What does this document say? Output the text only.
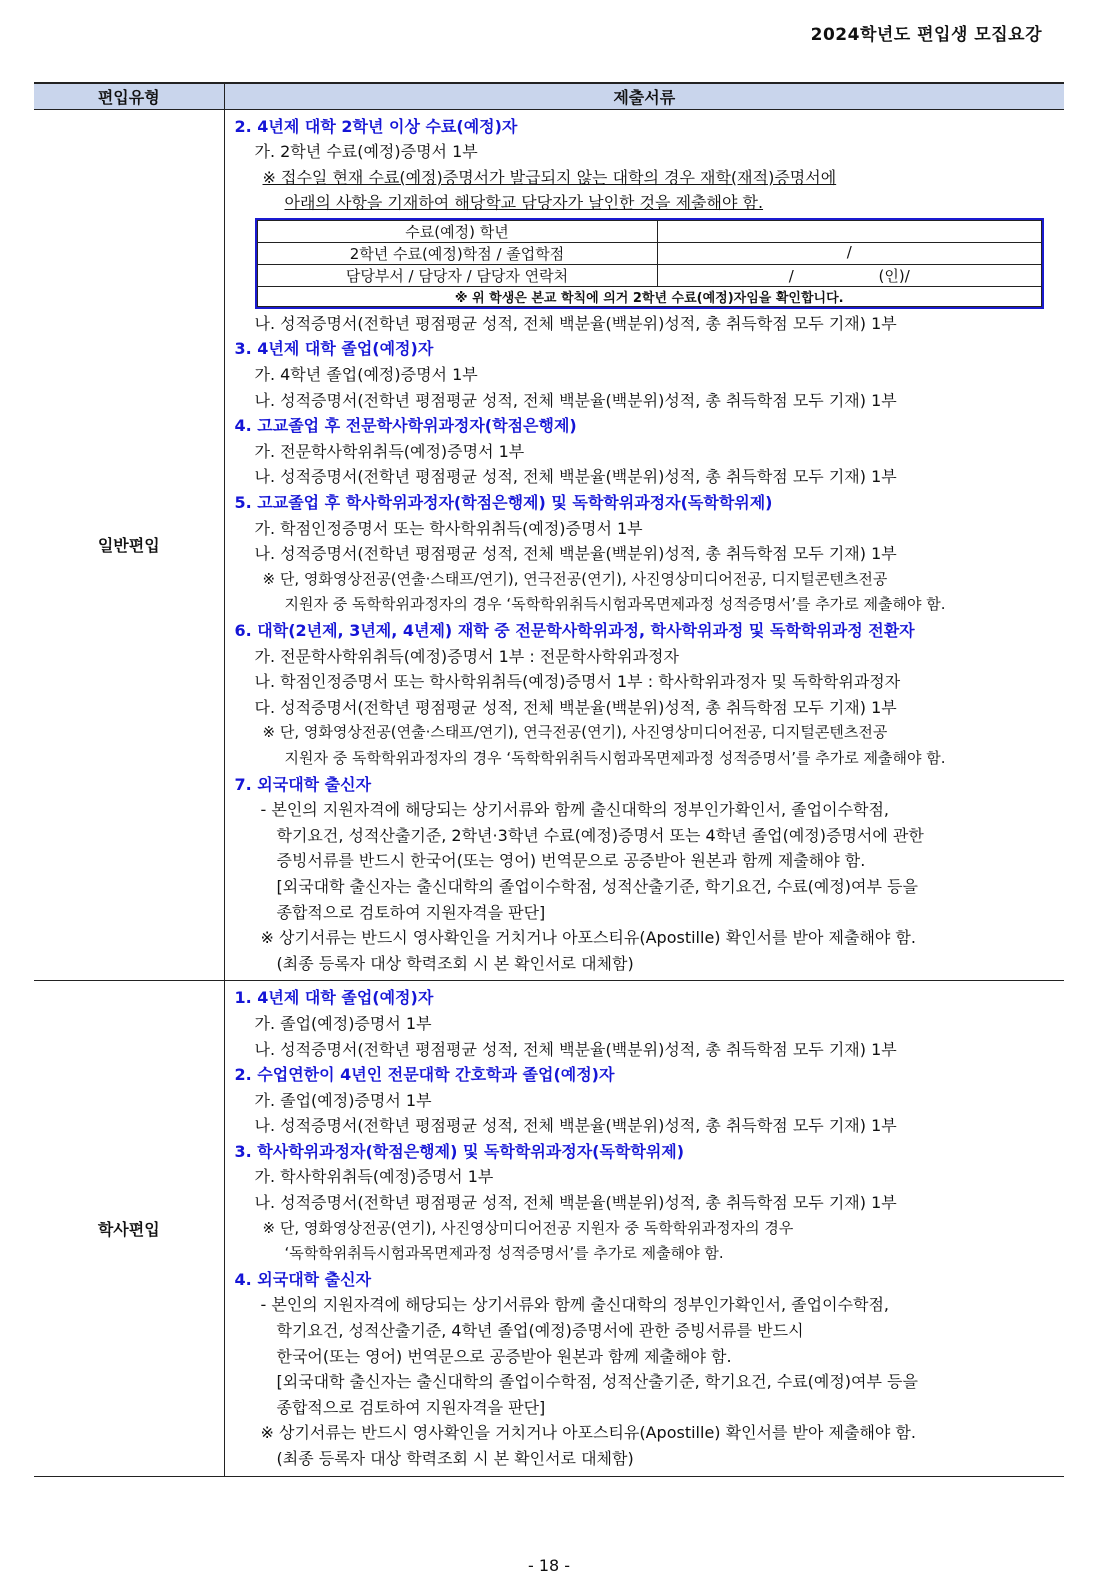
2024학년도 편입생 모집요강
편입유형	제출서류
일반편입	
2. 4년제 대학 2학년 이상 수료(예정)자
가. 2학년 수료(예정)증명서 1부
※ 접수일 현재 수료(예정)증명서가 발급되지 않는 대학의 경우 재학(재적)증명서에
아래의 사항을 기재하여 해당학교 담당자가 날인한 것을 제출해야 함.
수료(예정) 학년	
2학년 수료(예정)학점 / 졸업학점	/
담당부서 / 담당자 / 담당자 연락처	/ (인)/
※ 위 학생은 본교 학칙에 의거 2학년 수료(예정)자임을 확인합니다.
나. 성적증명서(전학년 평점평균 성적, 전체 백분율(백분위)성적, 총 취득학점 모두 기재) 1부
3. 4년제 대학 졸업(예정)자
가. 4학년 졸업(예정)증명서 1부
나. 성적증명서(전학년 평점평균 성적, 전체 백분율(백분위)성적, 총 취득학점 모두 기재) 1부
4. 고교졸업 후 전문학사학위과정자(학점은행제)
가. 전문학사학위취득(예정)증명서 1부
나. 성적증명서(전학년 평점평균 성적, 전체 백분율(백분위)성적, 총 취득학점 모두 기재) 1부
5. 고교졸업 후 학사학위과정자(학점은행제) 및 독학학위과정자(독학학위제)
가. 학점인정증명서 또는 학사학위취득(예정)증명서 1부
나. 성적증명서(전학년 평점평균 성적, 전체 백분율(백분위)성적, 총 취득학점 모두 기재) 1부
※ 단, 영화영상전공(연출·스태프/연기), 연극전공(연기), 사진영상미디어전공, 디지털콘텐츠전공
지원자 중 독학학위과정자의 경우 ‘독학학위취득시험과목면제과정 성적증명서’를 추가로 제출해야 함.
6. 대학(2년제, 3년제, 4년제) 재학 중 전문학사학위과정, 학사학위과정 및 독학학위과정 전환자
가. 전문학사학위취득(예정)증명서 1부 : 전문학사학위과정자
나. 학점인정증명서 또는 학사학위취득(예정)증명서 1부 : 학사학위과정자 및 독학학위과정자
다. 성적증명서(전학년 평점평균 성적, 전체 백분율(백분위)성적, 총 취득학점 모두 기재) 1부
※ 단, 영화영상전공(연출·스태프/연기), 연극전공(연기), 사진영상미디어전공, 디지털콘텐츠전공
지원자 중 독학학위과정자의 경우 ‘독학학위취득시험과목면제과정 성적증명서’를 추가로 제출해야 함.
7. 외국대학 출신자
- 본인의 지원자격에 해당되는 상기서류와 함께 출신대학의 정부인가확인서, 졸업이수학점,
학기요건, 성적산출기준, 2학년·3학년 수료(예정)증명서 또는 4학년 졸업(예정)증명서에 관한
증빙서류를 반드시 한국어(또는 영어) 번역문으로 공증받아 원본과 함께 제출해야 함.
[외국대학 출신자는 출신대학의 졸업이수학점, 성적산출기준, 학기요건, 수료(예정)여부 등을
종합적으로 검토하여 지원자격을 판단]
※ 상기서류는 반드시 영사확인을 거치거나 아포스티유(Apostille) 확인서를 받아 제출해야 함.
(최종 등록자 대상 학력조회 시 본 확인서로 대체함)

학사편입	
1. 4년제 대학 졸업(예정)자
가. 졸업(예정)증명서 1부
나. 성적증명서(전학년 평점평균 성적, 전체 백분율(백분위)성적, 총 취득학점 모두 기재) 1부
2. 수업연한이 4년인 전문대학 간호학과 졸업(예정)자
가. 졸업(예정)증명서 1부
나. 성적증명서(전학년 평점평균 성적, 전체 백분율(백분위)성적, 총 취득학점 모두 기재) 1부
3. 학사학위과정자(학점은행제) 및 독학학위과정자(독학학위제)
가. 학사학위취득(예정)증명서 1부
나. 성적증명서(전학년 평점평균 성적, 전체 백분율(백분위)성적, 총 취득학점 모두 기재) 1부
※ 단, 영화영상전공(연기), 사진영상미디어전공 지원자 중 독학학위과정자의 경우
‘독학학위취득시험과목면제과정 성적증명서’를 추가로 제출해야 함.
4. 외국대학 출신자
- 본인의 지원자격에 해당되는 상기서류와 함께 출신대학의 정부인가확인서, 졸업이수학점,
학기요건, 성적산출기준, 4학년 졸업(예정)증명서에 관한 증빙서류를 반드시
한국어(또는 영어) 번역문으로 공증받아 원본과 함께 제출해야 함.
[외국대학 출신자는 출신대학의 졸업이수학점, 성적산출기준, 학기요건, 수료(예정)여부 등을
종합적으로 검토하여 지원자격을 판단]
※ 상기서류는 반드시 영사확인을 거치거나 아포스티유(Apostille) 확인서를 받아 제출해야 함.
(최종 등록자 대상 학력조회 시 본 확인서로 대체함)
- 18 -
